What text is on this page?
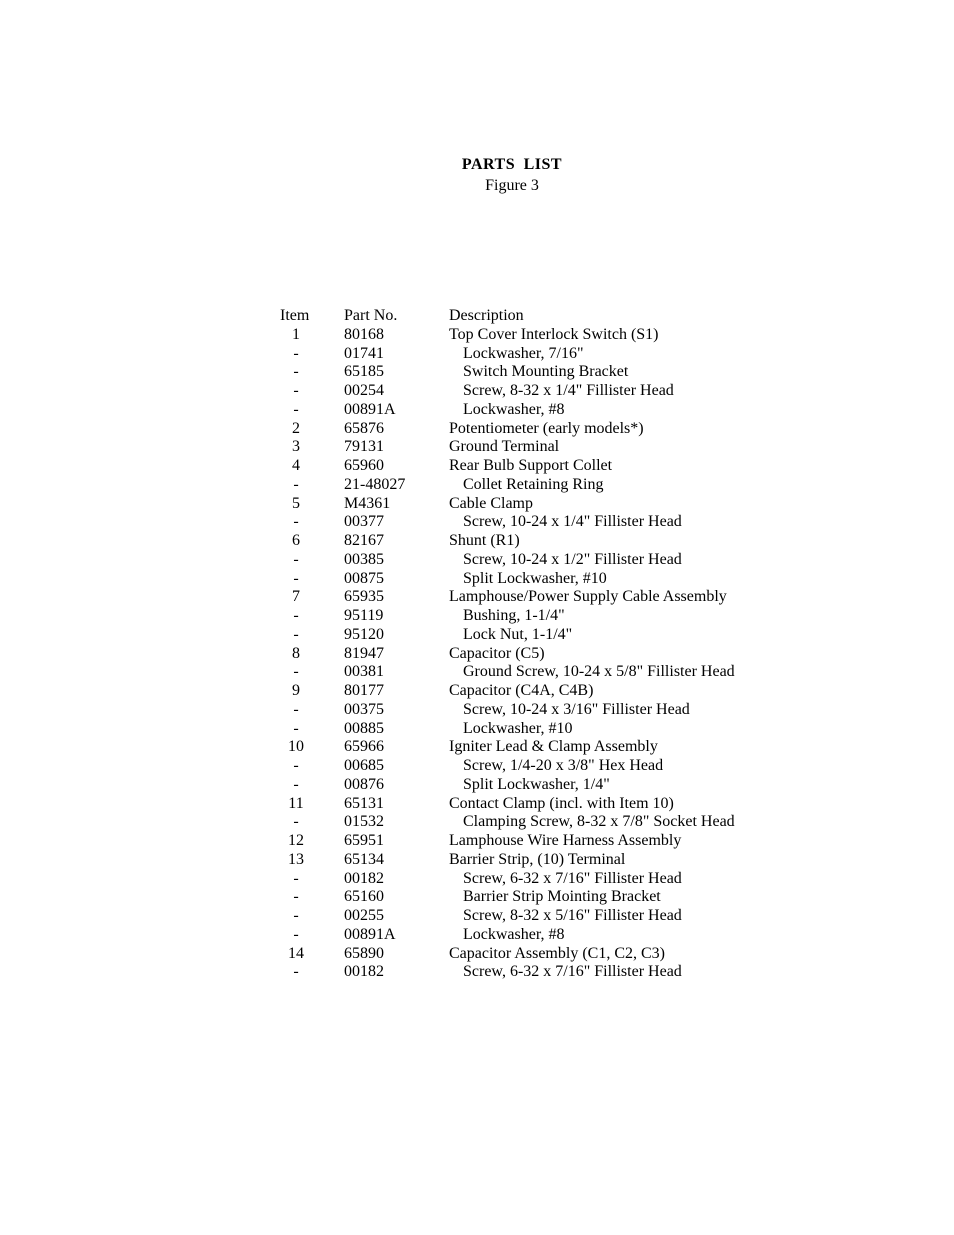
PARTS LIST
Figure 3
Item	Part No.	Description
1	80168	Top Cover Interlock Switch (S1)
-	01741	Lockwasher, 7/16"
-	65185	Switch Mounting Bracket
-	00254	Screw, 8-32 x 1/4" Fillister Head
-	00891A	Lockwasher, #8
2	65876	Potentiometer (early models*)
3	79131	Ground Terminal
4	65960	Rear Bulb Support Collet
-	21-48027	Collet Retaining Ring
5	M4361	Cable Clamp
-	00377	Screw, 10-24 x 1/4" Fillister Head
6	82167	Shunt (R1)
-	00385	Screw, 10-24 x 1/2" Fillister Head
-	00875	Split Lockwasher, #10
7	65935	Lamphouse/Power Supply Cable Assembly
-	95119	Bushing, 1-1/4"
-	95120	Lock Nut, 1-1/4"
8	81947	Capacitor (C5)
-	00381	Ground Screw, 10-24 x 5/8" Fillister Head
9	80177	Capacitor (C4A, C4B)
-	00375	Screw, 10-24 x 3/16" Fillister Head
-	00885	Lockwasher, #10
10	65966	Igniter Lead & Clamp Assembly
-	00685	Screw, 1/4-20 x 3/8" Hex Head
-	00876	Split Lockwasher, 1/4"
11	65131	Contact Clamp (incl. with Item 10)
-	01532	Clamping Screw, 8-32 x 7/8" Socket Head
12	65951	Lamphouse Wire Harness Assembly
13	65134	Barrier Strip, (10) Terminal
-	00182	Screw, 6-32 x 7/16" Fillister Head
-	65160	Barrier Strip Mointing Bracket
-	00255	Screw, 8-32 x 5/16" Fillister Head
-	00891A	Lockwasher, #8
14	65890	Capacitor Assembly (C1, C2, C3)
-	00182	Screw, 6-32 x 7/16" Fillister Head
